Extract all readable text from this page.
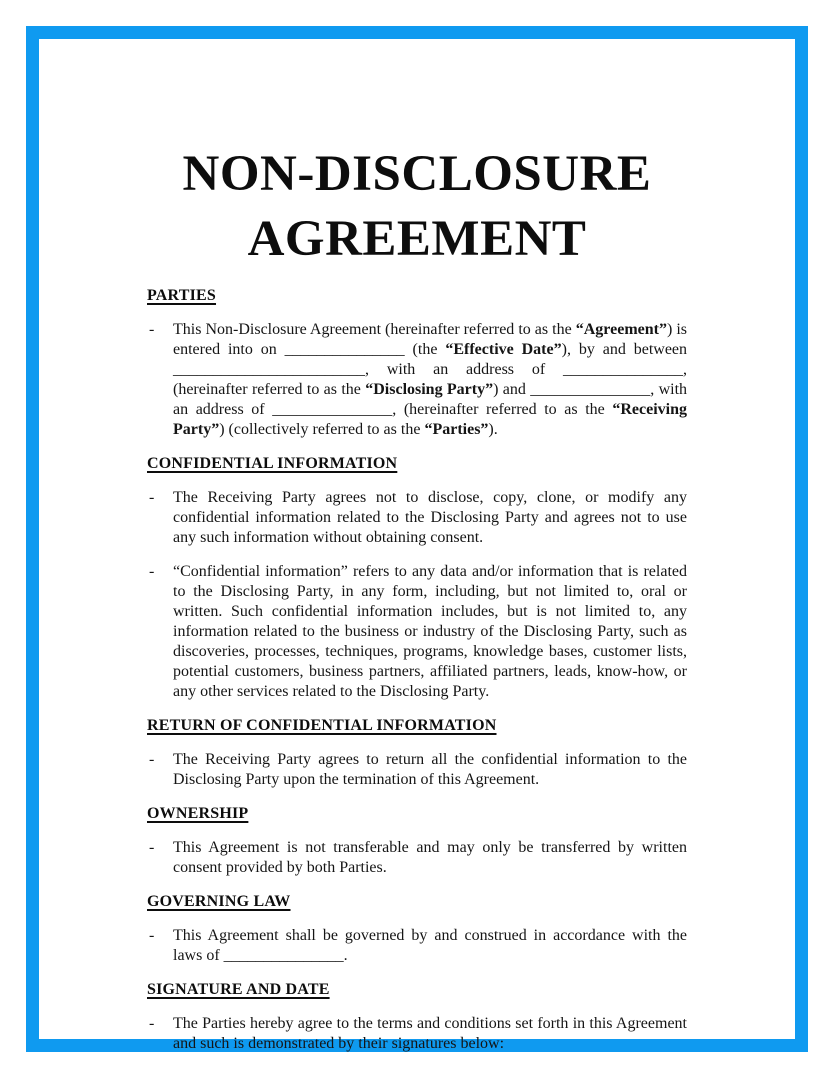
NON-DISCLOSURE
AGREEMENT
PARTIES
- This Non-Disclosure Agreement (hereinafter referred to as the “Agreement”) is entered into on _______________ (the “Effective Date”), by and between ________________________, with an address of _______________, (hereinafter referred to as the “Disclosing Party”) and _______________, with an address of _______________, (hereinafter referred to as the “Receiving Party”) (collectively referred to as the “Parties”).
CONFIDENTIAL INFORMATION
- The Receiving Party agrees not to disclose, copy, clone, or modify any confidential information related to the Disclosing Party and agrees not to use any such information without obtaining consent.
- “Confidential information” refers to any data and/or information that is related to the Disclosing Party, in any form, including, but not limited to, oral or written. Such confidential information includes, but is not limited to, any information related to the business or industry of the Disclosing Party, such as discoveries, processes, techniques, programs, knowledge bases, customer lists, potential customers, business partners, affiliated partners, leads, know-how, or any other services related to the Disclosing Party.
RETURN OF CONFIDENTIAL INFORMATION
- The Receiving Party agrees to return all the confidential information to the Disclosing Party upon the termination of this Agreement.
OWNERSHIP
- This Agreement is not transferable and may only be transferred by written consent provided by both Parties.
GOVERNING LAW
- This Agreement shall be governed by and construed in accordance with the laws of _______________.
SIGNATURE AND DATE
- The Parties hereby agree to the terms and conditions set forth in this Agreement and such is demonstrated by their signatures below:
